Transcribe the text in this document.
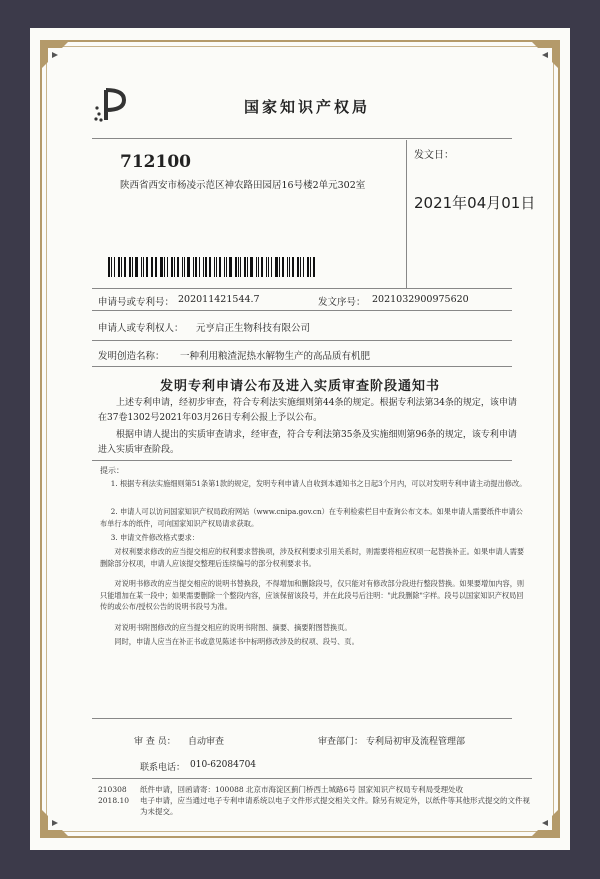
国家知识产权局
712100
陕西省西安市杨凌示范区神农路田园居16号楼2单元302室
发文日：
2021年04月01日
申请号或专利号： 202011421544.7	发文序号： 2021032900975620
申请人或专利权人： 元亨启正生物科技有限公司
发明创造名称： 一种利用粮渣泥热水解物生产的高品质有机肥
发明专利申请公布及进入实质审查阶段通知书
上述专利申请，经初步审查，符合专利法实施细则第44条的规定。根据专利法第34条的规定，该申请在37卷1302号2021年03月26日专利公报上予以公布。
根据申请人提出的实质审查请求，经审查，符合专利法第35条及实施细则第96条的规定，该专利申请进入实质审查阶段。
提示：
1. 根据专利法实施细则第51条第1款的规定，发明专利申请人自收到本通知书之日起3个月内，可以对发明专利申请主动提出修改。
2. 申请人可以访问国家知识产权局政府网站（www.cnipa.gov.cn）在专利检索栏目中查询公布文本。如果申请人需要纸件申请公布单行本的纸件，可向国家知识产权局请求获取。
3. 申请文件修改格式要求：
对权利要求修改的应当提交相应的权利要求替换项，涉及权利要求引用关系时，则需要将相应权项一起替换补正。如果申请人需要删除部分权项，申请人应该提交整理后连续编号的部分权利要求书。
对说明书修改的应当提交相应的说明书替换段，不得增加和删除段号，仅只能对有修改部分段进行整段替换。如果要增加内容，则只能增加在某一段中；如果需要删除一个整段内容，应该保留该段号，并在此段号后注明："此段删除"字样。段号以国家知识产权局回传的或公布/授权公告的说明书段号为准。
对说明书附图修改的应当提交相应的说明书附图、摘要、摘要附图替换页。
同时，申请人应当在补正书或意见陈述书中标明修改涉及的权项、段号、页。
审 查 员： 自动审查	审查部门： 专利局初审及流程管理部
联系电话： 010-62084704
210308
2018.10
纸件申请，回函请寄：100088 北京市海淀区蓟门桥西土城路6号 国家知识产权局专利局受理处收
电子申请，应当通过电子专利申请系统以电子文件形式提交相关文件。除另有规定外，以纸件等其他形式提交的文件视为未提交。
